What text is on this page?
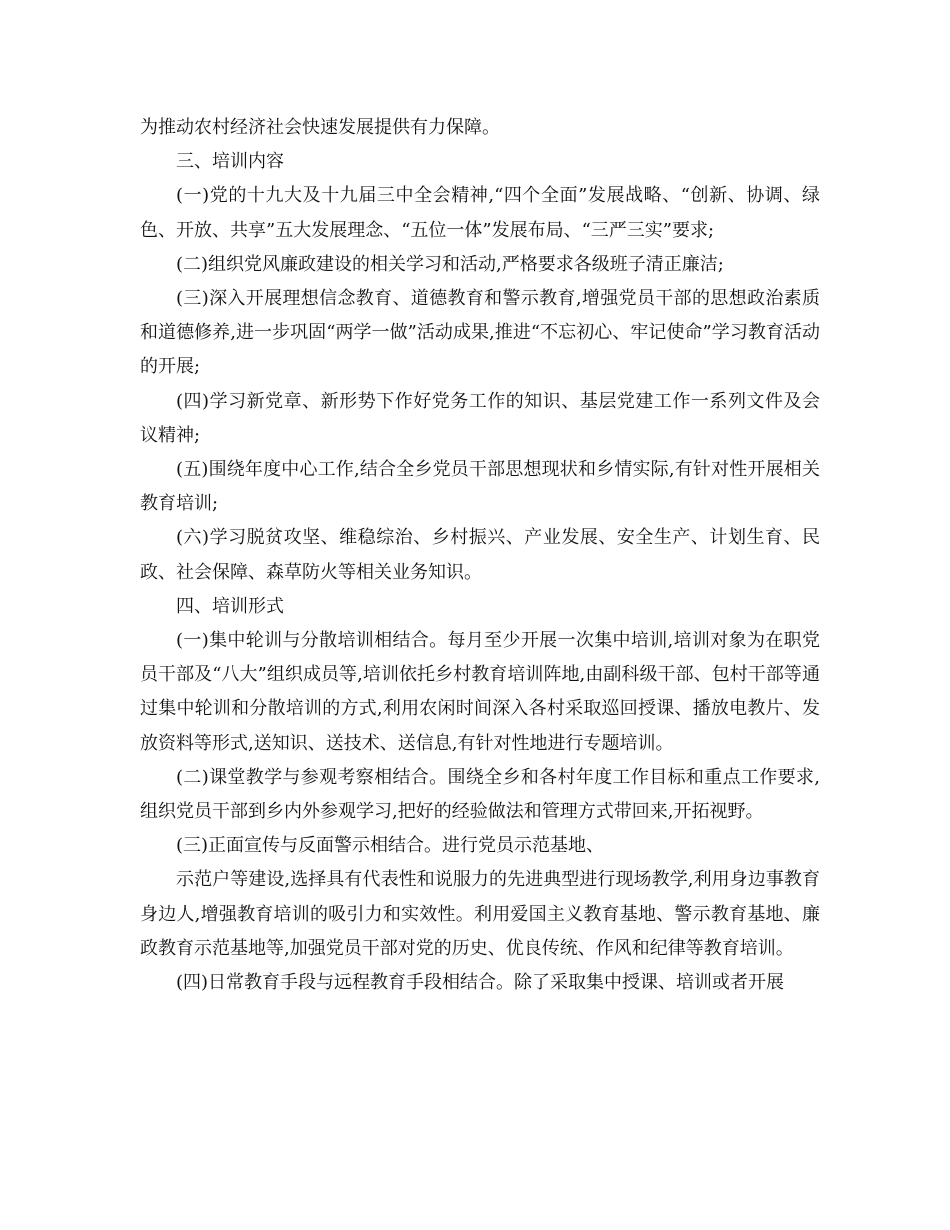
为推动农村经济社会快速发展提供有力保障。

三、培训内容

(一)党的十九大及十九届三中全会精神,“四个全面”发展战略、“创新、协调、绿色、开放、共享”五大发展理念、“五位一体”发展布局、“三严三实”要求;

(二)组织党风廉政建设的相关学习和活动,严格要求各级班子清正廉洁;

(三)深入开展理想信念教育、道德教育和警示教育,增强党员干部的思想政治素质和道德修养,进一步巩固“两学一做”活动成果,推进“不忘初心、牢记使命”学习教育活动的开展;

(四)学习新党章、新形势下作好党务工作的知识、基层党建工作一系列文件及会议精神;

(五)围绕年度中心工作,结合全乡党员干部思想现状和乡情实际,有针对性开展相关教育培训;

(六)学习脱贫攻坚、维稳综治、乡村振兴、产业发展、安全生产、计划生育、民政、社会保障、森草防火等相关业务知识。

四、培训形式

(一)集中轮训与分散培训相结合。每月至少开展一次集中培训,培训对象为在职党员干部及“八大”组织成员等,培训依托乡村教育培训阵地,由副科级干部、包村干部等通过集中轮训和分散培训的方式,利用农闲时间深入各村采取巡回授课、播放电教片、发放资料等形式,送知识、送技术、送信息,有针对性地进行专题培训。

(二)课堂教学与参观考察相结合。围绕全乡和各村年度工作目标和重点工作要求,组织党员干部到乡内外参观学习,把好的经验做法和管理方式带回来,开拓视野。

(三)正面宣传与反面警示相结合。进行党员示范基地、

示范户等建设,选择具有代表性和说服力的先进典型进行现场教学,利用身边事教育身边人,增强教育培训的吸引力和实效性。利用爱国主义教育基地、警示教育基地、廉政教育示范基地等,加强党员干部对党的历史、优良传统、作风和纪律等教育培训。

(四)日常教育手段与远程教育手段相结合。除了采取集中授课、培训或者开展
